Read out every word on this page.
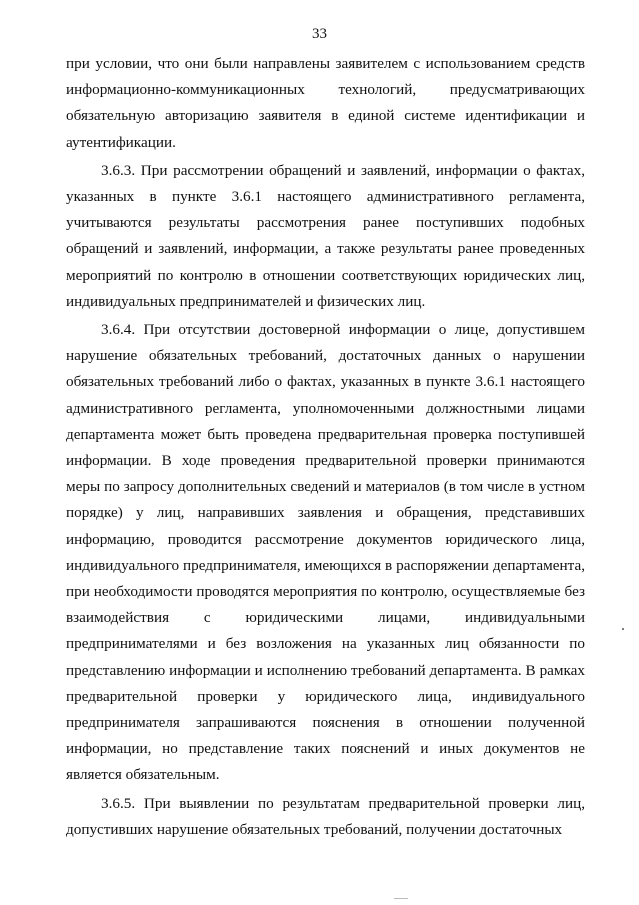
33

при условии, что они были направлены заявителем с использованием средств информационно-коммуникационных технологий, предусматривающих обязательную авторизацию заявителя в единой системе идентификации и аутентификации.

3.6.3. При рассмотрении обращений и заявлений, информации о фактах, указанных в пункте 3.6.1 настоящего административного регламента, учитываются результаты рассмотрения ранее поступивших подобных обращений и заявлений, информации, а также результаты ранее проведенных мероприятий по контролю в отношении соответствующих юридических лиц, индивидуальных предпринимателей и физических лиц.

3.6.4. При отсутствии достоверной информации о лице, допустившем нарушение обязательных требований, достаточных данных о нарушении обязательных требований либо о фактах, указанных в пункте 3.6.1 настоящего административного регламента, уполномоченными должностными лицами департамента может быть проведена предварительная проверка поступившей информации. В ходе проведения предварительной проверки принимаются меры по запросу дополнительных сведений и материалов (в том числе в устном порядке) у лиц, направивших заявления и обращения, представивших информацию, проводится рассмотрение документов юридического лица, индивидуального предпринимателя, имеющихся в распоряжении департамента, при необходимости проводятся мероприятия по контролю, осуществляемые без взаимодействия с юридическими лицами, индивидуальными предпринимателями и без возложения на указанных лиц обязанности по представлению информации и исполнению требований департамента. В рамках предварительной проверки у юридического лица, индивидуального предпринимателя запрашиваются пояснения в отношении полученной информации, но представление таких пояснений и иных документов не является обязательным.

3.6.5. При выявлении по результатам предварительной проверки лиц, допустивших нарушение обязательных требований, получении достаточных
